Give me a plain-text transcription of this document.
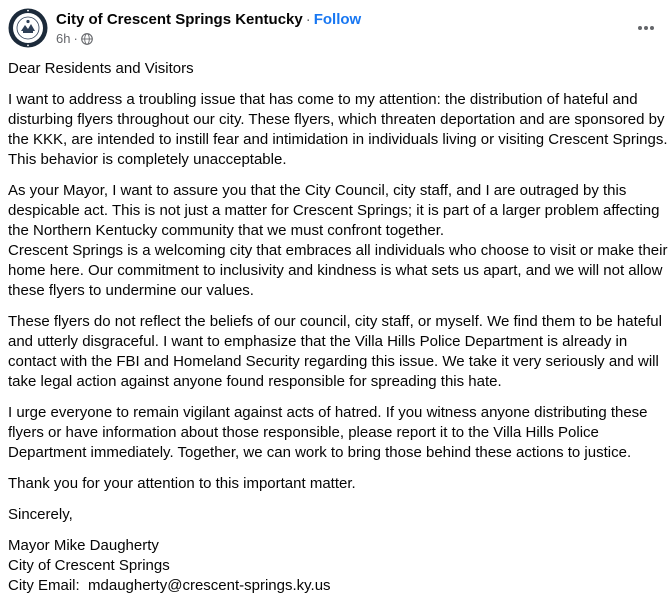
City of Crescent Springs Kentucky · Follow
6h ·

Dear Residents and Visitors

I want to address a troubling issue that has come to my attention: the distribution of hateful and disturbing flyers throughout our city. These flyers, which threaten deportation and are sponsored by the KKK, are intended to instill fear and intimidation in individuals living or visiting Crescent Springs. This behavior is completely unacceptable.

As your Mayor, I want to assure you that the City Council, city staff, and I are outraged by this despicable act. This is not just a matter for Crescent Springs; it is part of a larger problem affecting the Northern Kentucky community that we must confront together.

Crescent Springs is a welcoming city that embraces all individuals who choose to visit or make their home here. Our commitment to inclusivity and kindness is what sets us apart, and we will not allow these flyers to undermine our values.

These flyers do not reflect the beliefs of our council, city staff, or myself. We find them to be hateful and utterly disgraceful. I want to emphasize that the Villa Hills Police Department is already in contact with the FBI and Homeland Security regarding this issue. We take it very seriously and will take legal action against anyone found responsible for spreading this hate.

I urge everyone to remain vigilant against acts of hatred. If you witness anyone distributing these flyers or have information about those responsible, please report it to the Villa Hills Police Department immediately. Together, we can work to bring those behind these actions to justice.

Thank you for your attention to this important matter.

Sincerely,

Mayor Mike Daugherty
City of Crescent Springs
City Email:  mdaugherty@crescent-springs.ky.us
